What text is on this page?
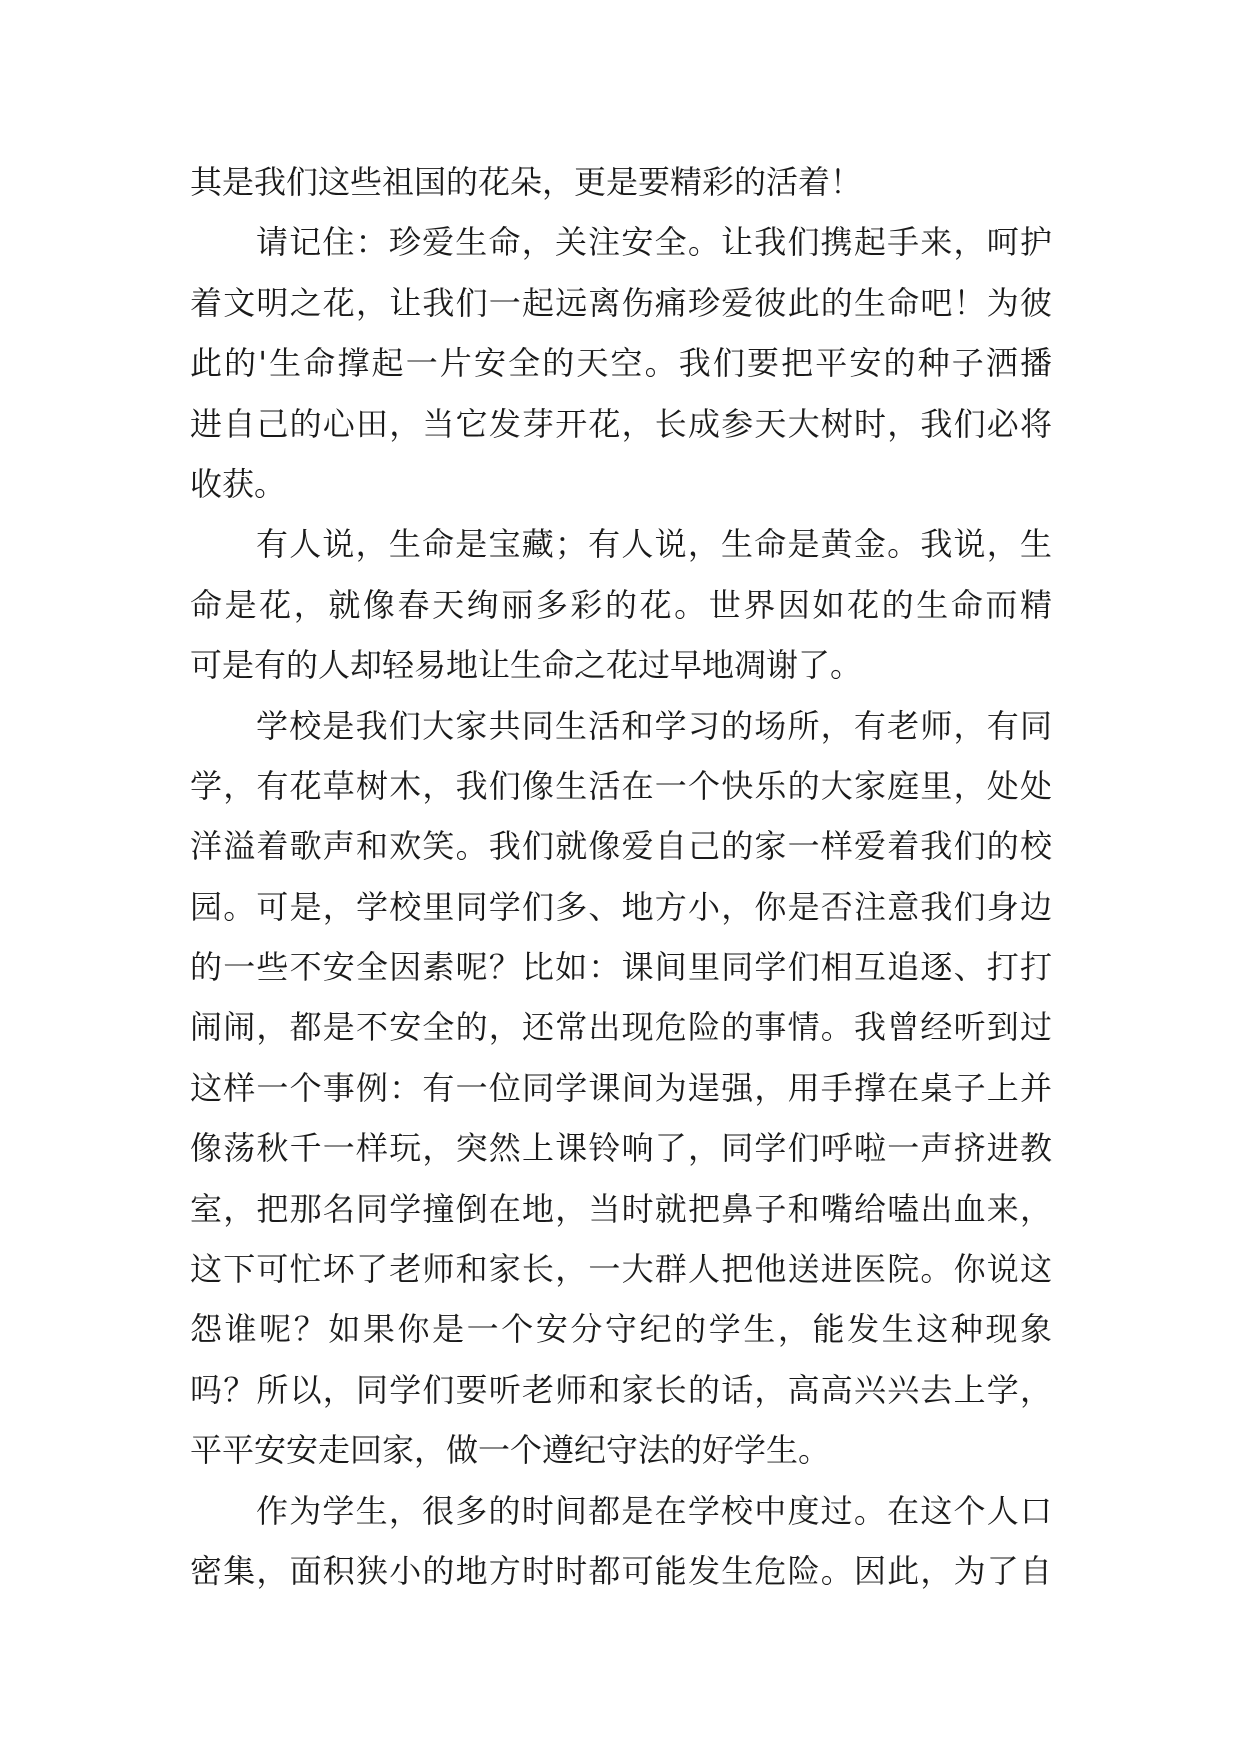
其是我们这些祖国的花朵，更是要精彩的活着！
请记住：珍爱生命，关注安全。让我们携起手来，呵护
着文明之花，让我们一起远离伤痛珍爱彼此的生命吧！为彼
此的'生命撑起一片安全的天空。我们要把平安的种子洒播
进自己的心田，当它发芽开花，长成参天大树时，我们必将
收获。
有人说，生命是宝藏；有人说，生命是黄金。我说，生
命是花，就像春天绚丽多彩的花。世界因如花的生命而精
可是有的人却轻易地让生命之花过早地凋谢了。
学校是我们大家共同生活和学习的场所，有老师，有同
学，有花草树木，我们像生活在一个快乐的大家庭里，处处
洋溢着歌声和欢笑。我们就像爱自己的家一样爱着我们的校
园。可是，学校里同学们多、地方小，你是否注意我们身边
的一些不安全因素呢？比如：课间里同学们相互追逐、打打
闹闹，都是不安全的，还常出现危险的事情。我曾经听到过
这样一个事例：有一位同学课间为逞强，用手撑在桌子上并
像荡秋千一样玩，突然上课铃响了，同学们呼啦一声挤进教
室，把那名同学撞倒在地，当时就把鼻子和嘴给嗑出血来，
这下可忙坏了老师和家长，一大群人把他送进医院。你说这
怨谁呢？如果你是一个安分守纪的学生，能发生这种现象
吗？所以，同学们要听老师和家长的话，高高兴兴去上学，
平平安安走回家，做一个遵纪守法的好学生。
作为学生，很多的时间都是在学校中度过。在这个人口
密集，面积狭小的地方时时都可能发生危险。因此，为了自
